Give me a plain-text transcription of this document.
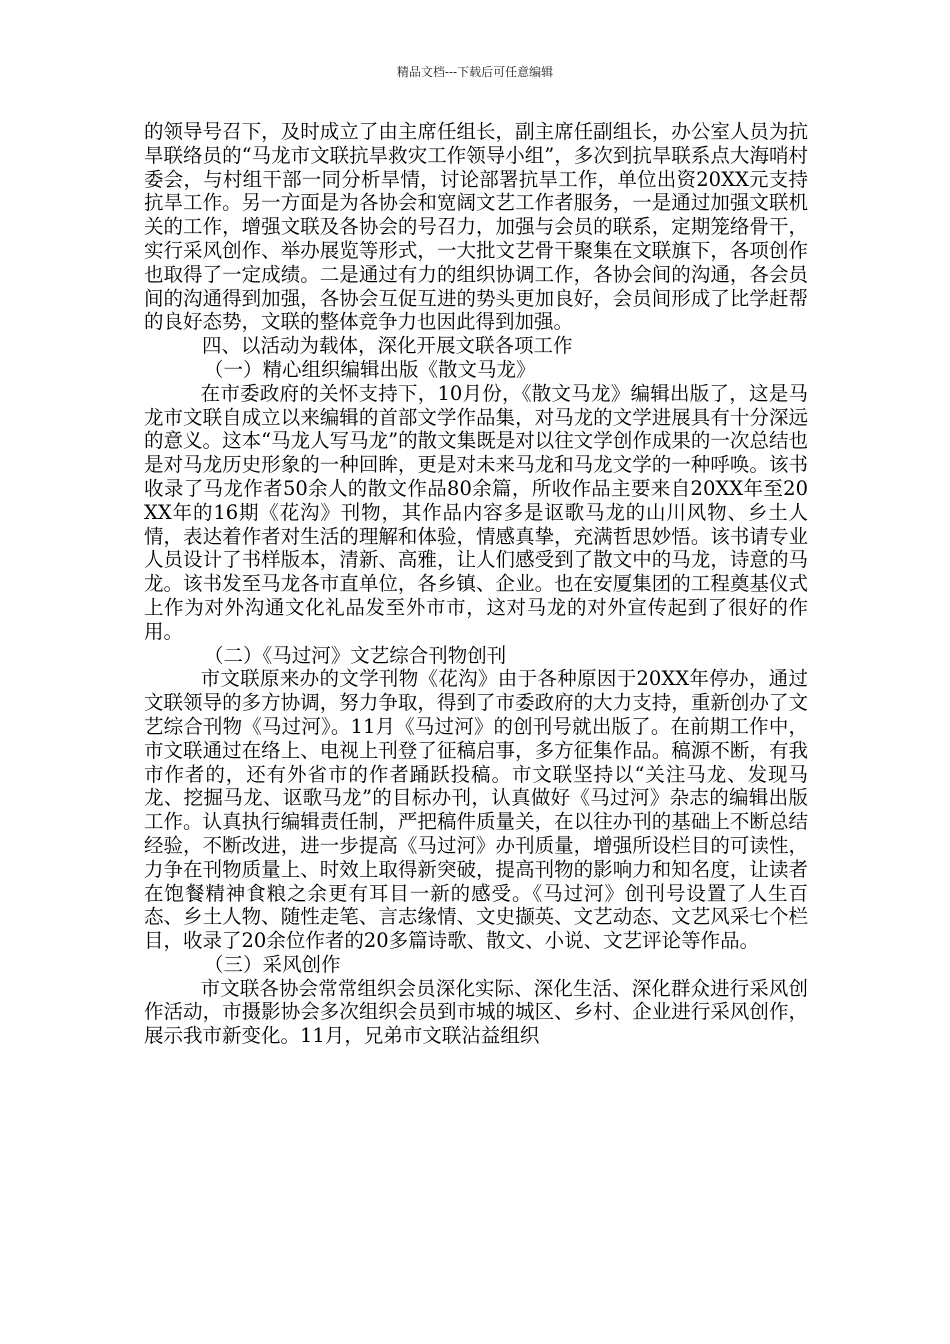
精品文档---下载后可任意编辑

的领导号召下，及时成立了由主席任组长，副主席任副组长，办公室人员为抗旱联络员的“马龙市文联抗旱救灾工作领导小组”，多次到抗旱联系点大海哨村委会，与村组干部一同分析旱情，讨论部署抗旱工作，单位出资20XX元支持抗旱工作。另一方面是为各协会和宽阔文艺工作者服务，一是通过加强文联机关的工作，增强文联及各协会的号召力，加强与会员的联系，定期笼络骨干，实行采风创作、举办展览等形式，一大批文艺骨干聚集在文联旗下，各项创作也取得了一定成绩。二是通过有力的组织协调工作，各协会间的沟通，各会员间的沟通得到加强，各协会互促互进的势头更加良好，会员间形成了比学赶帮的良好态势，文联的整体竞争力也因此得到加强。

四、以活动为载体，深化开展文联各项工作

（一）精心组织编辑出版《散文马龙》

在市委政府的关怀支持下，10月份，《散文马龙》编辑出版了，这是马龙市文联自成立以来编辑的首部文学作品集，对马龙的文学进展具有十分深远的意义。这本“马龙人写马龙”的散文集既是对以往文学创作成果的一次总结也是对马龙历史形象的一种回眸，更是对未来马龙和马龙文学的一种呼唤。该书收录了马龙作者50余人的散文作品80余篇，所收作品主要来自20XX年至20XX年的16期《花沟》刊物，其作品内容多是讴歌马龙的山川风物、乡土人情，表达着作者对生活的理解和体验，情感真挚，充满哲思妙悟。该书请专业人员设计了书样版本，清新、高雅，让人们感受到了散文中的马龙，诗意的马龙。该书发至马龙各市直单位，各乡镇、企业。也在安厦集团的工程奠基仪式上作为对外沟通文化礼品发至外市市，这对马龙的对外宣传起到了很好的作用。

（二）《马过河》文艺综合刊物创刊

市文联原来办的文学刊物《花沟》由于各种原因于20XX年停办，通过文联领导的多方协调，努力争取，得到了市委政府的大力支持，重新创办了文艺综合刊物《马过河》。11月《马过河》的创刊号就出版了。在前期工作中，市文联通过在络上、电视上刊登了征稿启事，多方征集作品。稿源不断，有我市作者的，还有外省市的作者踊跃投稿。市文联坚持以“关注马龙、发现马龙、挖掘马龙、讴歌马龙”的目标办刊，认真做好《马过河》杂志的编辑出版工作。认真执行编辑责任制，严把稿件质量关，在以往办刊的基础上不断总结经验，不断改进，进一步提高《马过河》办刊质量，增强所设栏目的可读性，力争在刊物质量上、时效上取得新突破，提高刊物的影响力和知名度，让读者在饱餐精神食粮之余更有耳目一新的感受。《马过河》创刊号设置了人生百态、乡土人物、随性走笔、言志缘情、文史撷英、文艺动态、文艺风采七个栏目，收录了20余位作者的20多篇诗歌、散文、小说、文艺评论等作品。

（三）采风创作

市文联各协会常常组织会员深化实际、深化生活、深化群众进行采风创作活动，市摄影协会多次组织会员到市城的城区、乡村、企业进行采风创作，展示我市新变化。11月，兄弟市文联沾益组织
